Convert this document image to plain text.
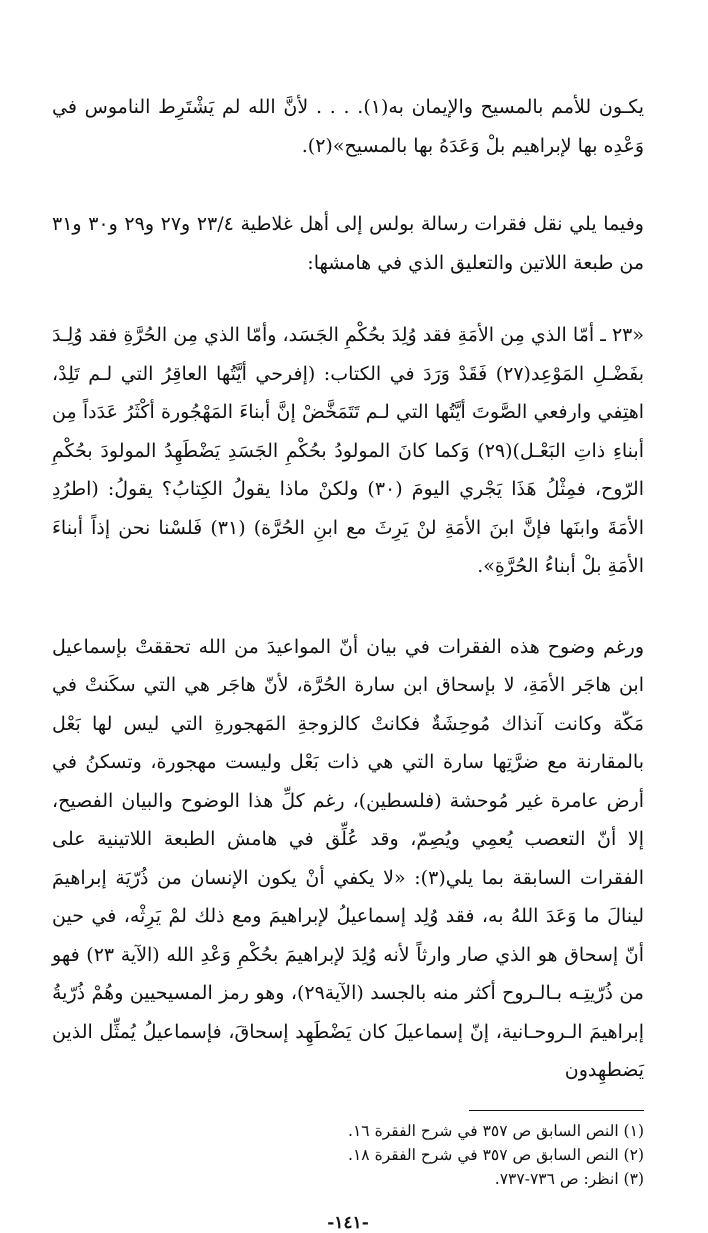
يكـون للأمم بالمسيح والإيمان به(١). . . . لأنَّ الله لم يَشْتَرِط الناموس في وَعْدِه بها لإبراهيم بلْ وَعَدَهُ بها بالمسيح»(٢).

وفيما يلي نقل فقرات رسالة بولس إلى أهل غلاطية ٢٣/٤ و٢٧ و٢٩ و٣٠ و٣١ من طبعة اللاتين والتعليق الذي في هامشها:

«٢٣ ـ أمّا الذي مِن الأمَةِ فقد وُلِدَ بحُكْمِ الجَسَد، وأمّا الذي مِن الحُرَّةِ فقد وُلِـدَ بفَضْـلِ المَوْعِد(٢٧) فَقَدْ وَرَدَ في الكتاب: (إفرحي أيَّتُها العاقِرُ التي لـم تَلِدْ، اهتِفي وارفعي الصَّوتَ أيَّتُها التي لـم تَتَمَخَّضْ إنَّ أبناءَ المَهْجُورة أكْثَرُ عَدَداً مِن أبناءِ ذاتِ البَعْـل)(٢٩) وَكما كانَ المولودُ بحُكْمِ الجَسَدِ يَضْطَهِدُ المولودَ بحُكْمِ الرّوح، فمِثْلُ هَذَا يَجْري اليومَ (٣٠) ولكنْ ماذا يقولُ الكِتابُ؟ يقولُ: (اطرُدِ الأمَةَ وابنَها فإنَّ ابنَ الأمَةِ لنْ يَرِثَ مع ابنِ الحُرَّة) (٣١) فَلسْنا نحن إذاً أبناءَ الأمَةِ بلْ أبناءُ الحُرَّةِ».

ورغم وضوح هذه الفقرات في بيان أنّ المواعيدَ من الله تحققتْ بإسماعيل ابن هاجَر الأمَةِ، لا بإسحاق ابن سارة الحُرَّة، لأنّ هاجَر هي التي سكَنتْ في مَكّة وكانت آنذاك مُوحِشَةٌ فكانتْ كالزوجةِ المَهجورةِ التي ليس لها بَعْل بالمقارنة مع ضرَّتِها سارة التي هي ذات بَعْل وليست مهجورة، وتسكنُ في أرض عامرة غير مُوحشة (فلسطين)، رغم كلِّ هذا الوضوح والبيان الفصيح، إلا أنّ التعصب يُعمِي ويُصِمّ، وقد عُلِّق في هامش الطبعة اللاتينية على الفقرات السابقة بما يلي(٣): «لا يكفي أنْ يكون الإنسان من ذُرّيَة إبراهيمَ لينالَ ما وَعَدَ اللهُ به، فقد وُلِد إسماعيلُ لإبراهيمَ ومع ذلك لمْ يَرِثْه، في حين أنّ إسحاق هو الذي صار وارثاً لأنه وُلِدَ لإبراهيمَ بحُكْمِ وَعْدِ الله (الآية ٢٣) فهو من ذُرّيتِـه بـالـروح أكثر منه بالجسد (الآية٢٩)، وهو رمز المسيحيين وهُمْ ذُرّيةُ إبراهيمَ الـروحـانية، إنّ إسماعيلَ كان يَضْطَهِد إسحاقَ، فإسماعيلُ يُمثِّل الذين يَضطهِدون

(١) النص السابق ص ٣٥٧ في شرح الفقرة ١٦.
(٢) النص السابق ص ٣٥٧ في شرح الفقرة ١٨.
(٣) انظر: ص ٧٣٦-٧٣٧.
-١٤١-
